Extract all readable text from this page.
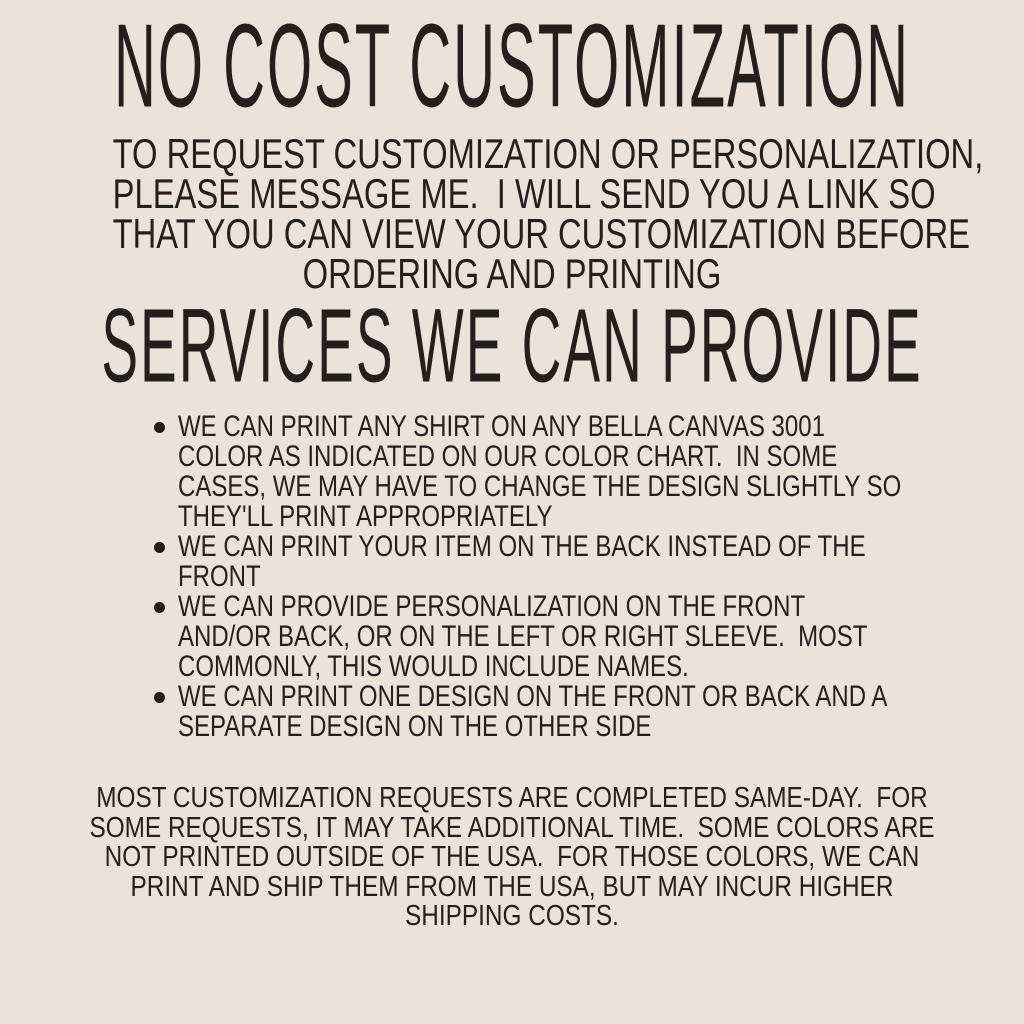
NO COST CUSTOMIZATION
TO REQUEST CUSTOMIZATION OR PERSONALIZATION,
PLEASE MESSAGE ME.  I WILL SEND YOU A LINK SO
THAT YOU CAN VIEW YOUR CUSTOMIZATION BEFORE
ORDERING AND PRINTING
SERVICES WE CAN PROVIDE
WE CAN PRINT ANY SHIRT ON ANY BELLA CANVAS 3001
COLOR AS INDICATED ON OUR COLOR CHART.  IN SOME
CASES, WE MAY HAVE TO CHANGE THE DESIGN SLIGHTLY SO
THEY'LL PRINT APPROPRIATELY
WE CAN PRINT YOUR ITEM ON THE BACK INSTEAD OF THE
FRONT
WE CAN PROVIDE PERSONALIZATION ON THE FRONT
AND/OR BACK, OR ON THE LEFT OR RIGHT SLEEVE.  MOST
COMMONLY, THIS WOULD INCLUDE NAMES.
WE CAN PRINT ONE DESIGN ON THE FRONT OR BACK AND A
SEPARATE DESIGN ON THE OTHER SIDE
MOST CUSTOMIZATION REQUESTS ARE COMPLETED SAME-DAY.  FOR
SOME REQUESTS, IT MAY TAKE ADDITIONAL TIME.  SOME COLORS ARE
NOT PRINTED OUTSIDE OF THE USA.  FOR THOSE COLORS, WE CAN
PRINT AND SHIP THEM FROM THE USA, BUT MAY INCUR HIGHER
SHIPPING COSTS.
